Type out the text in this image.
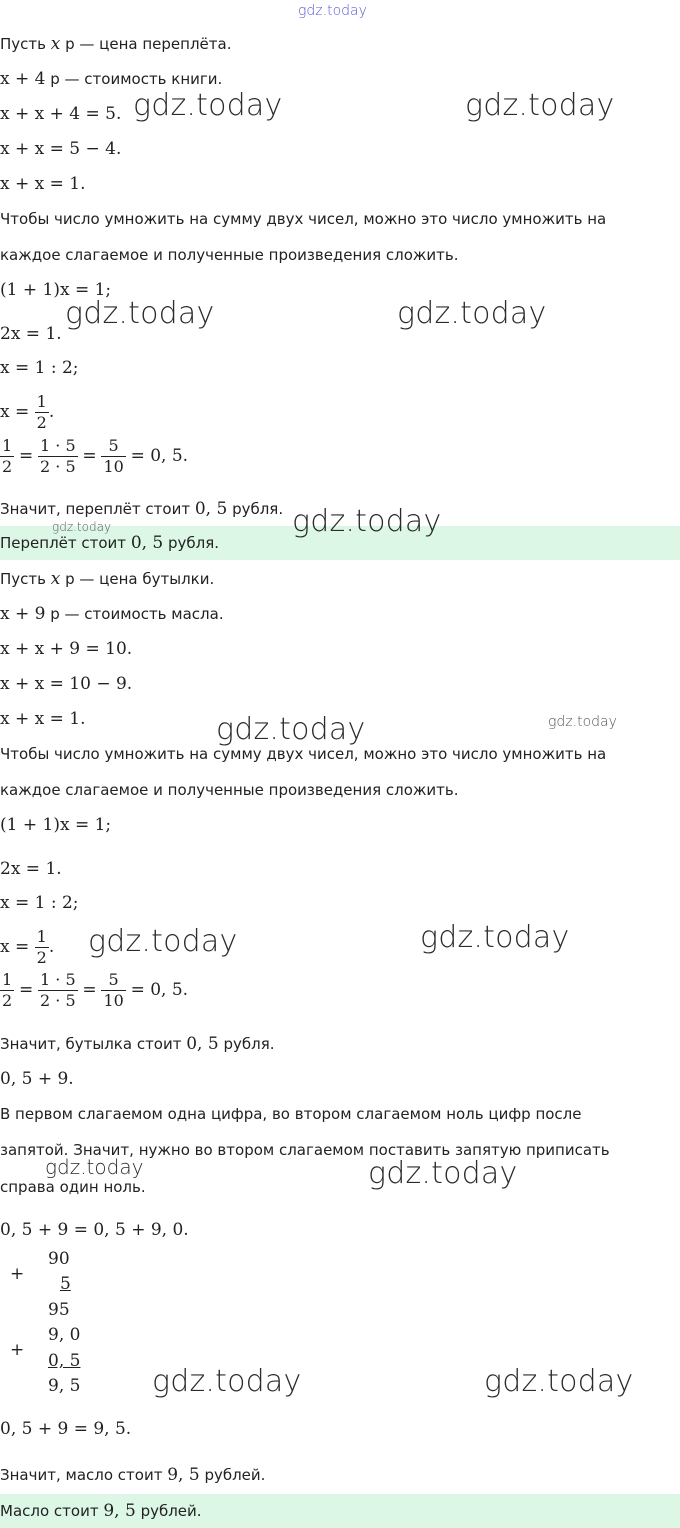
Пусть x р — цена переплёта.
x + 4 р — стоимость книги.
x + x + 4 = 5.
x + x = 5 − 4.
x + x = 1.
Чтобы число умножить на сумму двух чисел, можно это число умножить на
каждое слагаемое и полученные произведения сложить.
(1 + 1)x = 1;
2x = 1.
x = 1 : 2;
$x = \frac{1}{2}$ .
$\frac{1}{2} = \frac{1 \cdot 5}{2 \cdot 5} = \frac{5}{10} = 0$, 5.
Значит, переплёт стоит 0, 5 рубля.
Переплёт стоит 0, 5 рубля.
Пусть x р — цена бутылки.
x + 9 р — стоимость масла.
x + x + 9 = 10.
x + x = 10 − 9.
x + x = 1.
Чтобы число умножить на сумму двух чисел, можно это число умножить на
каждое слагаемое и полученные произведения сложить.
(1 + 1)x = 1;
2x = 1.
x = 1 : 2;
$x = \frac{1}{2}$ .
$\frac{1}{2} = \frac{1 \cdot 5}{2 \cdot 5} = \frac{5}{10} = 0$, 5.
Значит, бутылка стоит 0, 5 рубля.
0, 5 + 9.
В первом слагаемом одна цифра, во втором слагаемом ноль цифр после
запятой. Значит, нужно во втором слагаемом поставить запятую приписать
справа один ноль.
0, 5 + 9 = 0, 5 + 9, 0.
+
90
5
95
+
9, 0
0, 5
9, 5
0, 5 + 9 = 9, 5.
Значит, масло стоит 9, 5 рублей.
Масло стоит 9, 5 рублей.
gdz.today
gdz.today	gdz.today
gdz.today	gdz.today
gdz.today
gdz.today
gdz.today	gdz.today
gdz.today	gdz.today
gdz.today	gdz.today
gdz.today	gdz.today
